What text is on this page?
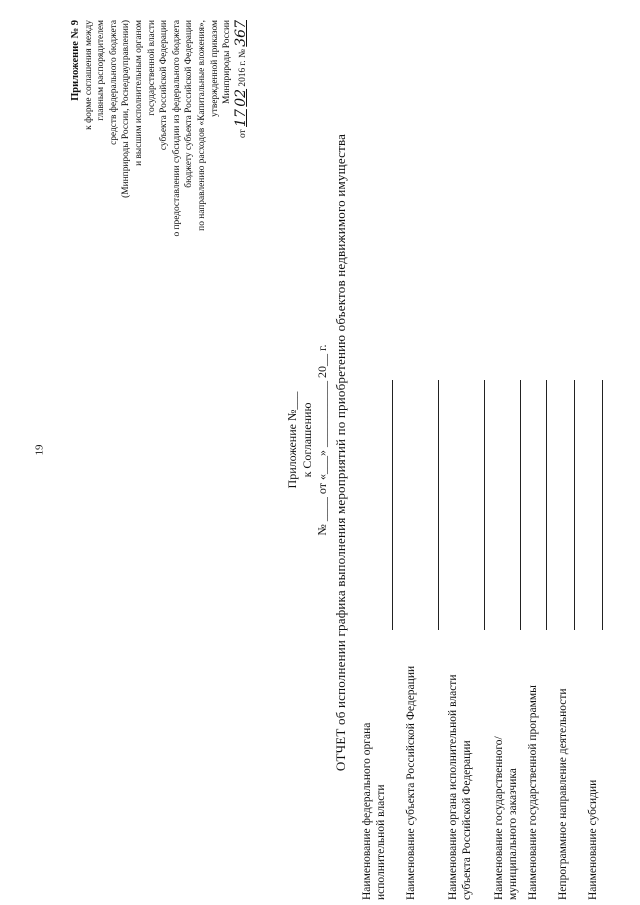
19
Приложение № 9 к форме соглашения между главным распорядителем средств федерального бюджета (Минприроды России, Роснедрауправлении) и высшим исполнительным органом государственной власти субъекта Российской Федерации о предоставлении субсидии из федерального бюджета бюджету субъекта Российской Федерации по направлению расходов «Капитальные вложения», утвержденной приказом Минприроды России
от 17 02 2016 г. № 367
Приложение №___ к Соглашению № ____ от «___» ___________ 20__ г. ОТЧЕТ об исполнении графика выполнения мероприятий по приобретению объектов недвижимого имущества
Наименование федерального органа исполнительной власти Наименование субъекта Российской Федерации	Наименование органа исполнительной власти субъекта Российской Федерации Наименование государственного/муниципального заказчика Наименование государственной программы Непрограммное направление деятельности Наименование субсидии
